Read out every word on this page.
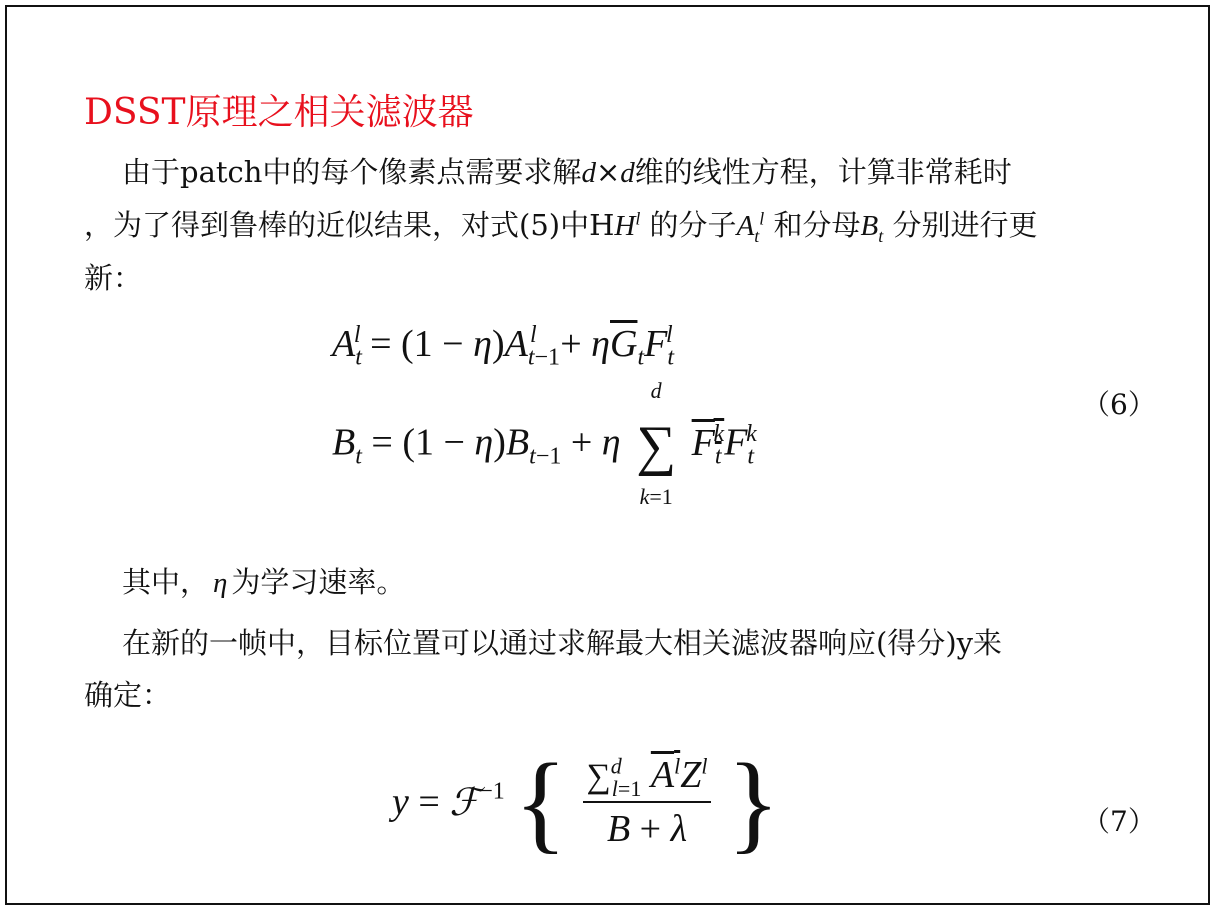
DSST原理之相关滤波器
由于patch中的每个像素点需要求解d×d维的线性方程，计算非常耗时
，为了得到鲁棒的近似结果，对式(5)中$HH^l$ 的分子$A_t^l$ 和分母$B_t$ 分别进行更
新：
$A_t^l = (1 - \eta)A_{t-1}^l + \eta\overline{G}_tF_t^l$
$B_t = (1 - \eta)B_{t-1} + \eta$
d
∑
k=1
$F_t^kF_t^k$
（6）
其中， η 为学习速率。
在新的一帧中，目标位置可以通过求解最大相关滤波器响应(得分)y来
确定：
y = ℱ$^{-1}$ { $\frac{\sum^d_{l=1} A^lZ^l}{B + \lambda}$ }	（7）
